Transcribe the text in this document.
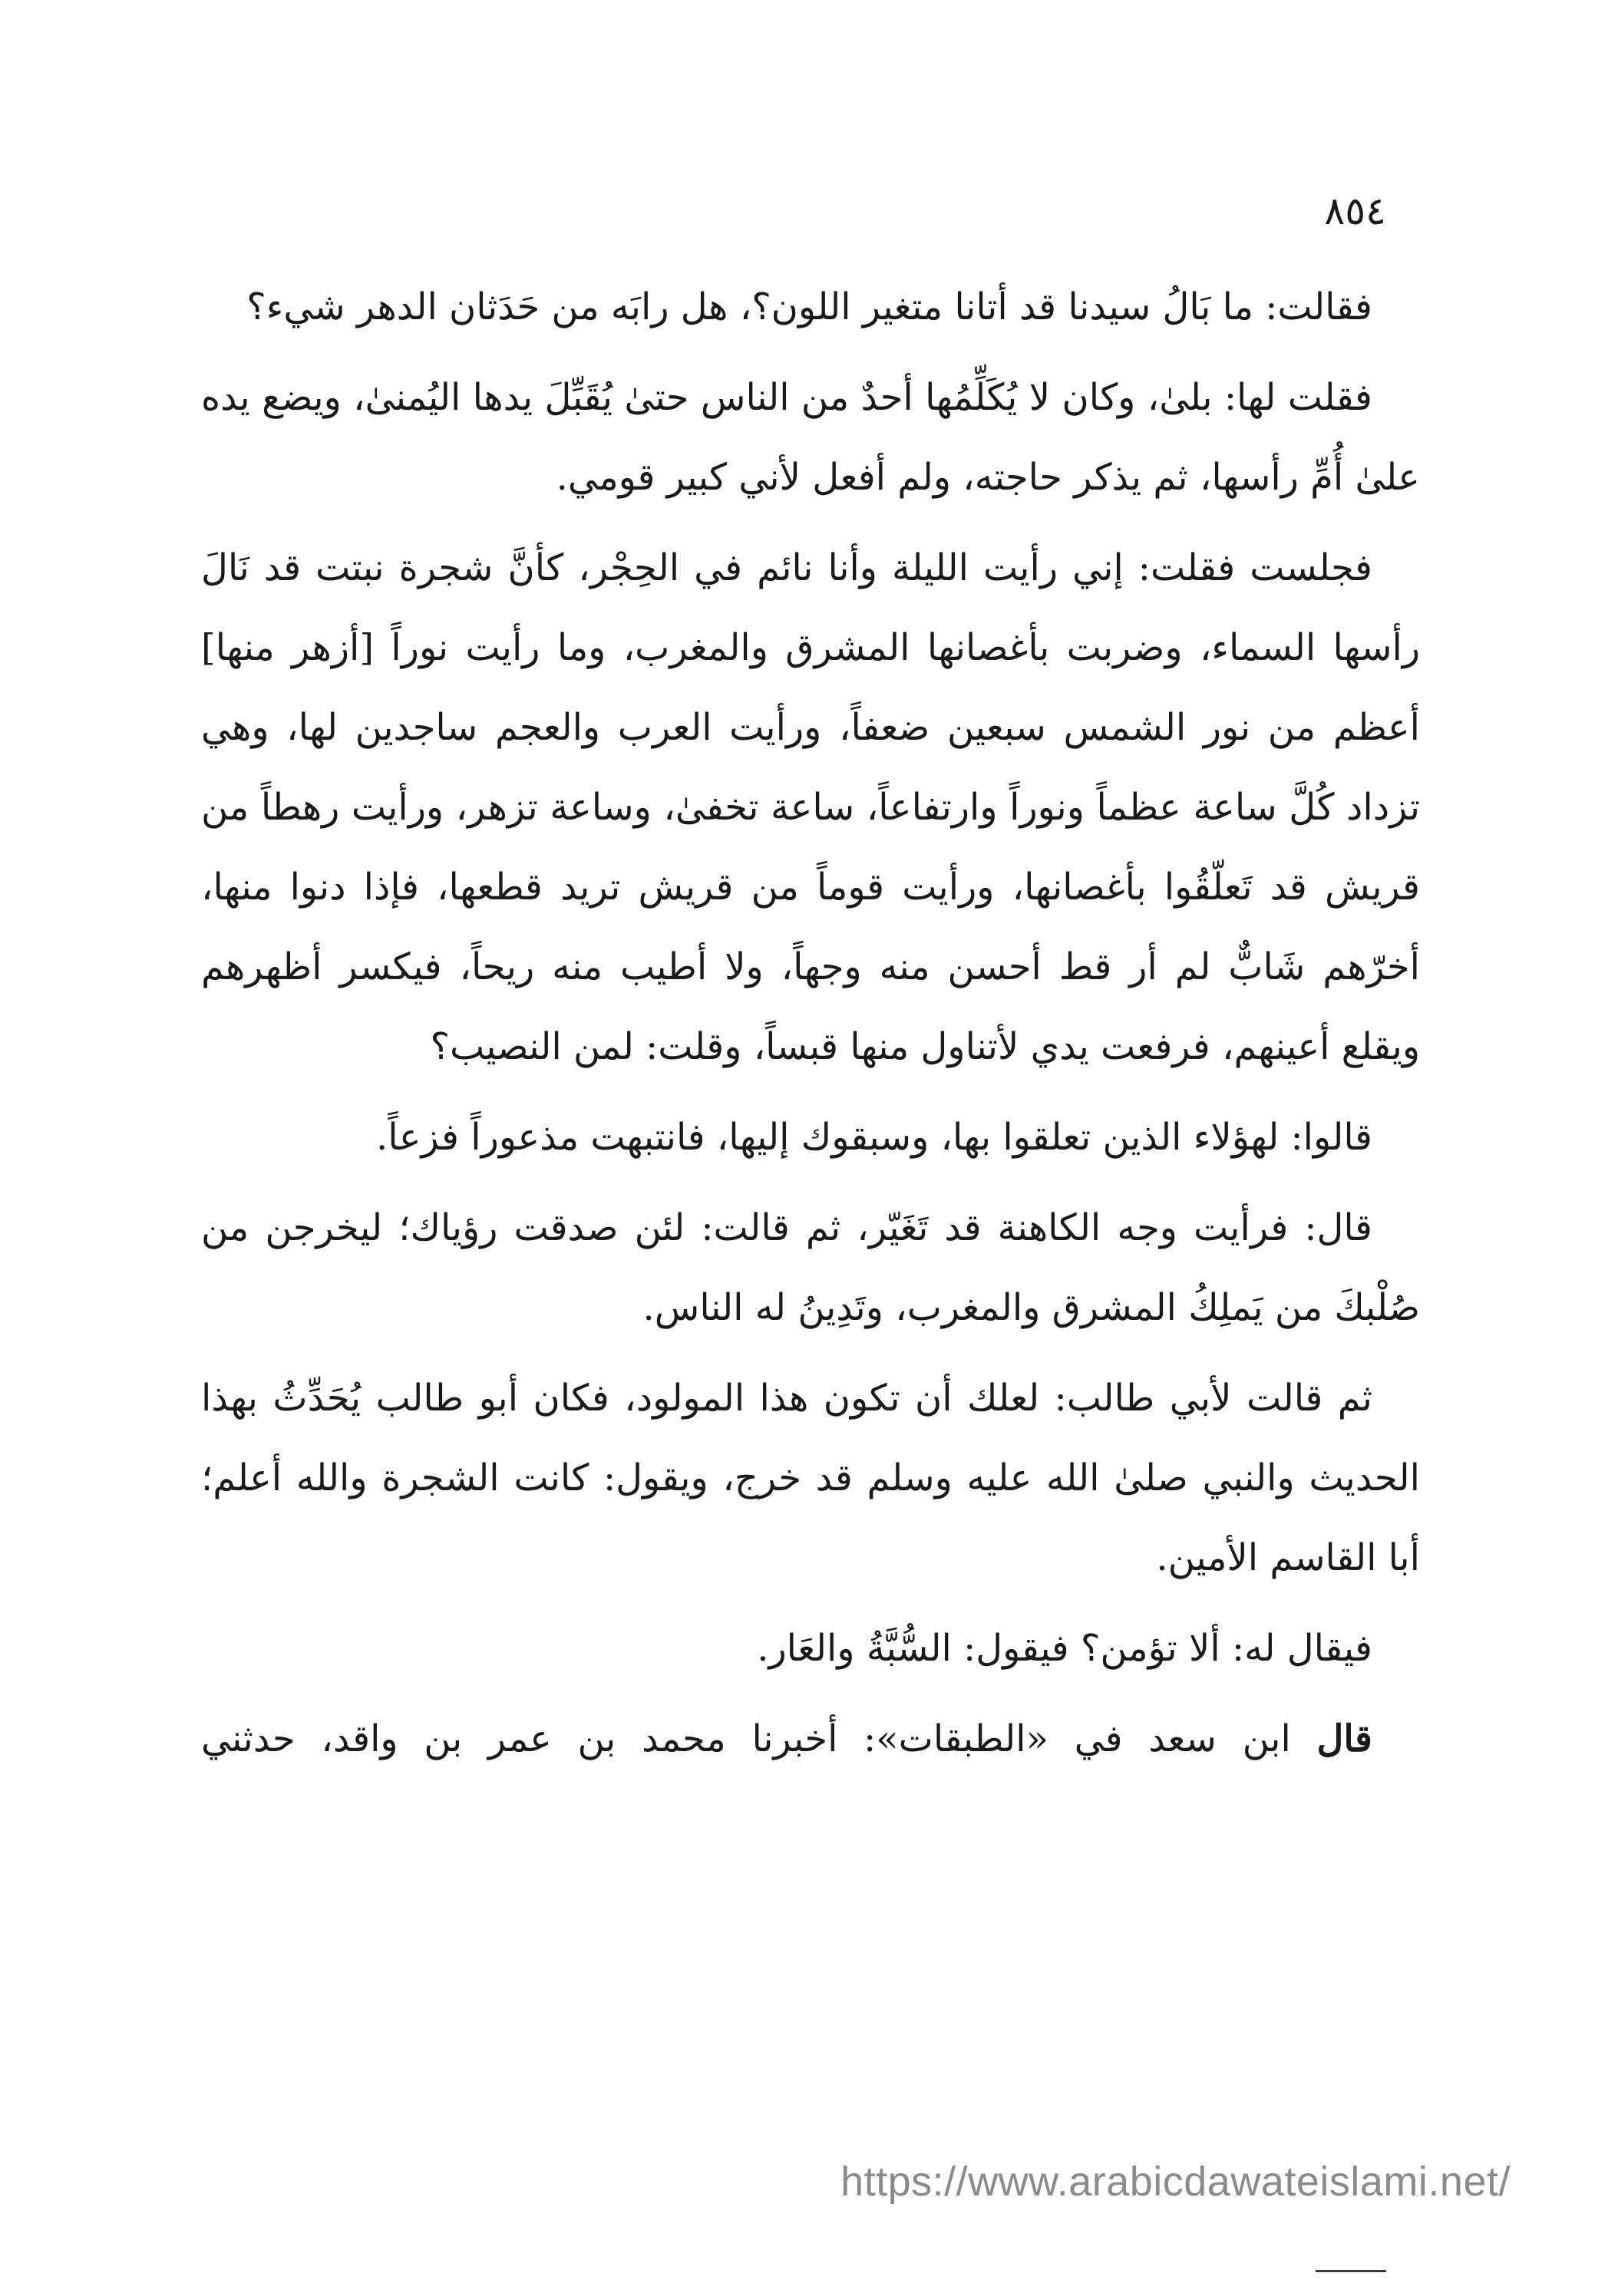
٨٥٤

فقالت: ما بَالُ سيدنا قد أتانا متغير اللون؟، هل رابَه من حَدَثان الدهر شيء؟

فقلت لها: بلىٰ، وكان لا يُكَلِّمُها أحدٌ من الناس حتىٰ يُقَبِّلَ يدها اليُمنىٰ، ويضع يده علىٰ أُمِّ رأسها، ثم يذكر حاجته، ولم أفعل لأني كبير قومي.

فجلست فقلت: إني رأيت الليلة وأنا نائم في الحِجْر، كأنَّ شجرة نبتت قد نَالَ رأسها السماء، وضربت بأغصانها المشرق والمغرب، وما رأيت نوراً [أزهر منها] أعظم من نور الشمس سبعين ضعفاً، ورأيت العرب والعجم ساجدين لها، وهي تزداد كُلَّ ساعة عظماً ونوراً وارتفاعاً، ساعة تخفىٰ، وساعة تزهر، ورأيت رهطاً من قريش قد تَعلّقُوا بأغصانها، ورأيت قوماً من قريش تريد قطعها، فإذا دنوا منها، أخرّهم شَابٌّ لم أر قط أحسن منه وجهاً، ولا أطيب منه ريحاً، فيكسر أظهرهم ويقلع أعينهم، فرفعت يدي لأتناول منها قبساً، وقلت: لمن النصيب؟

قالوا: لهؤلاء الذين تعلقوا بها، وسبقوك إليها، فانتبهت مذعوراً فزعاً.

قال: فرأيت وجه الكاهنة قد تَغَيّر، ثم قالت: لئن صدقت رؤياك؛ ليخرجن من صُلْبكَ من يَملِكُ المشرق والمغرب، وتَدِينُ له الناس.

ثم قالت لأبي طالب: لعلك أن تكون هذا المولود، فكان أبو طالب يُحَدِّثُ بهذا الحديث والنبي صلىٰ الله عليه وسلم قد خرج، ويقول: كانت الشجرة والله أعلم؛ أبا القاسم الأمين.

فيقال له: ألا تؤمن؟ فيقول: السُّبَّةُ والعَار.

قال ابن سعد في «الطبقات»: أخبرنا محمد بن عمر بن واقد، حدثني

https://www.arabicdawateislami.net/
